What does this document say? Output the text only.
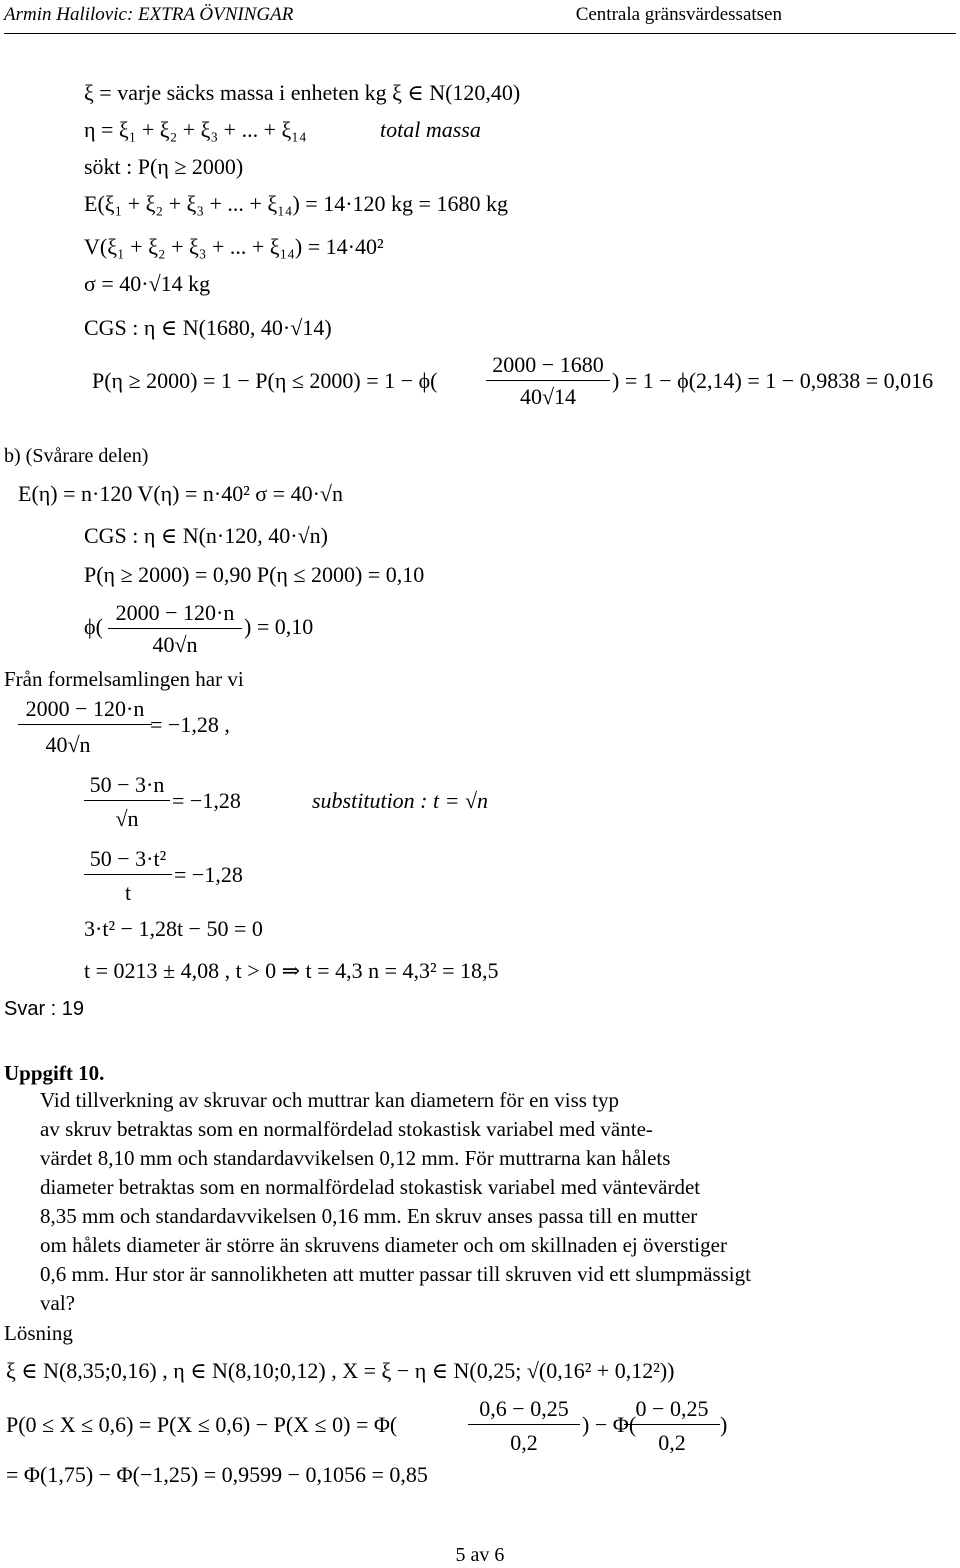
Armin Halilovic: EXTRA ÖVNINGAR	Centrala gränsvärdessatsen
ξ = varje säcks massa i enheten kg ξ ∈ N(120,40)
η = ξ₁ + ξ₂ + ξ₃ + ... + ξ₁₄	total massa
sökt : P(η ≥ 2000)
E(ξ₁ + ξ₂ + ξ₃ + ... + ξ₁₄) = 14·120 kg = 1680 kg
V(ξ₁ + ξ₂ + ξ₃ + ... + ξ₁₄) = 14·40²
σ = 40·√14 kg
CGS : η ∈ N(1680, 40·√14)
P(η ≥ 2000) = 1 − P(η ≤ 2000) = 1 − ϕ(
2000 − 1680
40√14
) = 1 − ϕ(2,14) = 1 − 0,9838 = 0,016
b) (Svårare delen)
E(η) = n·120 V(η) = n·40² σ = 40·√n
CGS : η ∈ N(n·120, 40·√n)
P(η ≥ 2000) = 0,90 P(η ≤ 2000) = 0,10
ϕ(
2000 − 120·n
40√n
) = 0,10
Från formelsamlingen har vi
2000 − 120·n
40√n
= −1,28 ,
50 − 3·n
√n
= −1,28	substitution : t = √n
50 − 3·t²
t
= −1,28
3·t² − 1,28t − 50 = 0
t = 0213 ± 4,08 , t > 0 ⇒ t = 4,3 n = 4,3² = 18,5
Svar : 19
Uppgift 10.
Vid tillverkning av skruvar och muttrar kan diametern för en viss typ
av skruv betraktas som en normalfördelad stokastisk variabel med vänte-
värdet 8,10 mm och standardavvikelsen 0,12 mm. För muttrarna kan hålets
diameter betraktas som en normalfördelad stokastisk variabel med väntevärdet
8,35 mm och standardavvikelsen 0,16 mm. En skruv anses passa till en mutter
om hålets diameter är större än skruvens diameter och om skillnaden ej överstiger
0,6 mm. Hur stor är sannolikheten att mutter passar till skruven vid ett slumpmässigt
val?
Lösning
ξ ∈ N(8,35;0,16) , η ∈ N(8,10;0,12) , X = ξ − η ∈ N(0,25; √(0,16² + 0,12²))
P(0 ≤ X ≤ 0,6) = P(X ≤ 0,6) − P(X ≤ 0) = Φ(
0,6 − 0,25
0,2
) − Φ(
0 − 0,25
0,2
)
= Φ(1,75) − Φ(−1,25) = 0,9599 − 0,1056 = 0,85
5 av 6
